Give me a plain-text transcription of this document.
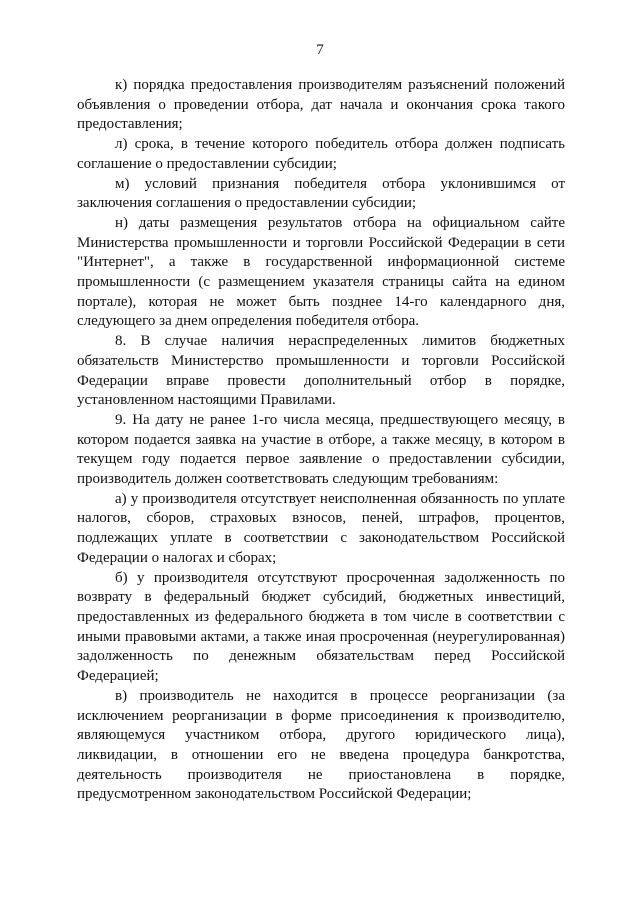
7

к) порядка предоставления производителям разъяснений положений объявления о проведении отбора, дат начала и окончания срока такого предоставления;

л) срока, в течение которого победитель отбора должен подписать соглашение о предоставлении субсидии;

м) условий признания победителя отбора уклонившимся от заключения соглашения о предоставлении субсидии;

н) даты размещения результатов отбора на официальном сайте Министерства промышленности и торговли Российской Федерации в сети "Интернет", а также в государственной информационной системе промышленности (с размещением указателя страницы сайта на едином портале), которая не может быть позднее 14-го календарного дня, следующего за днем определения победителя отбора.

8. В случае наличия нераспределенных лимитов бюджетных обязательств Министерство промышленности и торговли Российской Федерации вправе провести дополнительный отбор в порядке, установленном настоящими Правилами.

9. На дату не ранее 1-го числа месяца, предшествующего месяцу, в котором подается заявка на участие в отборе, а также месяцу, в котором в текущем году подается первое заявление о предоставлении субсидии, производитель должен соответствовать следующим требованиям:

а) у производителя отсутствует неисполненная обязанность по уплате налогов, сборов, страховых взносов, пеней, штрафов, процентов, подлежащих уплате в соответствии с законодательством Российской Федерации о налогах и сборах;

б) у производителя отсутствуют просроченная задолженность по возврату в федеральный бюджет субсидий, бюджетных инвестиций, предоставленных из федерального бюджета в том числе в соответствии с иными правовыми актами, а также иная просроченная (неурегулированная) задолженность по денежным обязательствам перед Российской Федерацией;

в) производитель не находится в процессе реорганизации (за исключением реорганизации в форме присоединения к производителю, являющемуся участником отбора, другого юридического лица), ликвидации, в отношении его не введена процедура банкротства, деятельность производителя не приостановлена в порядке, предусмотренном законодательством Российской Федерации;
